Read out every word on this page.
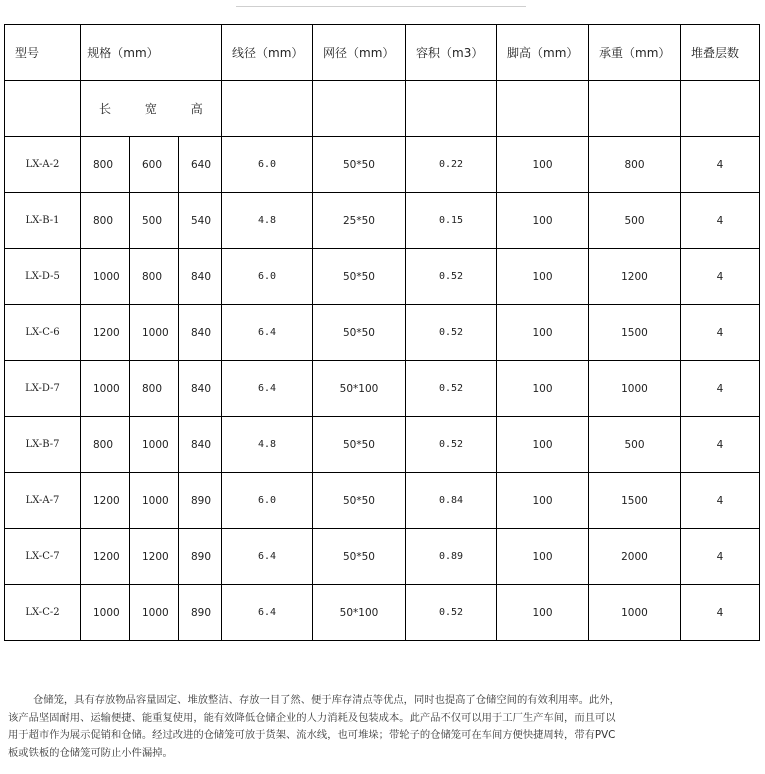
型号	规格（mm）			线径（mm）	网径（mm）	容积（m3）	脚高（mm）	承重（mm）	堆叠层数
	长 宽 高								
LX-A-2	800	600	640	6.0	50*50	0.22	100	800	4
LX-B-1	800	500	540	4.8	25*50	0.15	100	500	4
LX-D-5	1000	800	840	6.0	50*50	0.52	100	1200	4
LX-C-6	1200	1000	840	6.4	50*50	0.52	100	1500	4
LX-D-7	1000	800	840	6.4	50*100	0.52	100	1000	4
LX-B-7	800	1000	840	4.8	50*50	0.52	100	500	4
LX-A-7	1200	1000	890	6.0	50*50	0.84	100	1500	4
LX-C-7	1200	1200	890	6.4	50*50	0.89	100	2000	4
LX-C-2	1000	1000	890	6.4	50*100	0.52	100	1000	4

仓储笼，具有存放物品容量固定、堆放整洁、存放一目了然、便于库存清点等优点，同时也提高了仓储空间的有效利用率。此外，该产品坚固耐用、运输便捷、能重复使用，能有效降低仓储企业的人力消耗及包装成本。此产品不仅可以用于工厂生产车间，而且可以用于超市作为展示促销和仓储。经过改进的仓储笼可放于货架、流水线，也可堆垛；带轮子的仓储笼可在车间方便快捷周转，带有PVC板或铁板的仓储笼可防止小件漏掉。
